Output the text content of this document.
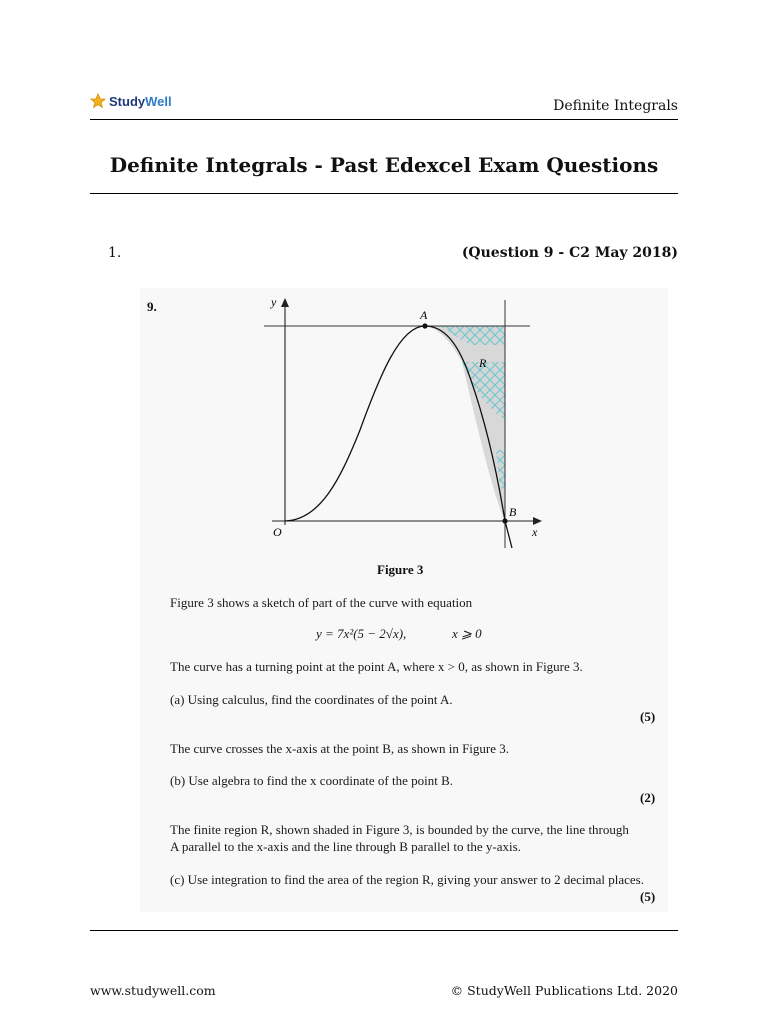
StudyWell	Definite Integrals
Definite Integrals - Past Edexcel Exam Questions
1.	(Question 9 - C2 May 2018)
9.	y
x
O
A
B
R
Figure 3
Figure 3 shows a sketch of part of the curve with equation
y = 7x²(5 − 2√x),	x ⩾ 0
The curve has a turning point at the point A, where x > 0, as shown in Figure 3.
(a) Using calculus, find the coordinates of the point A.
(5)
The curve crosses the x-axis at the point B, as shown in Figure 3.
(b) Use algebra to find the x coordinate of the point B.
(2)
The finite region R, shown shaded in Figure 3, is bounded by the curve, the line through
A parallel to the x-axis and the line through B parallel to the y-axis.
(c) Use integration to find the area of the region R, giving your answer to 2 decimal places.
(5)
www.studywell.com	© StudyWell Publications Ltd. 2020
